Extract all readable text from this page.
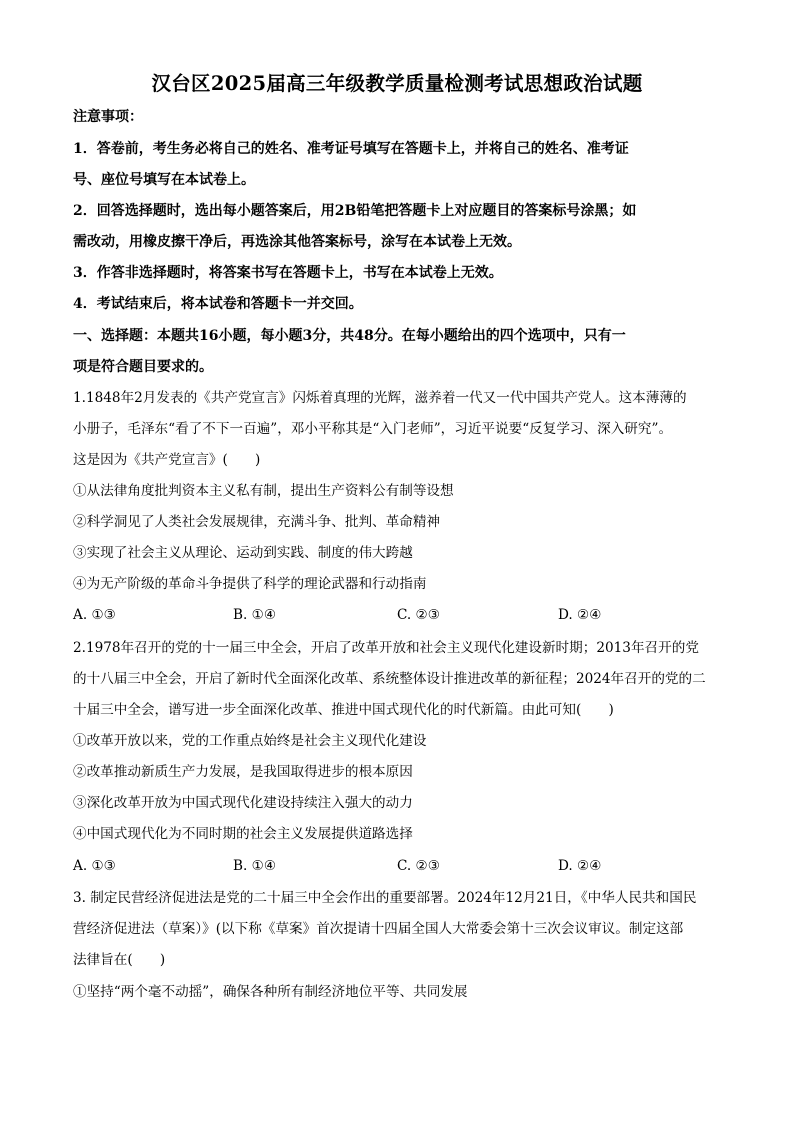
汉台区2025届高三年级教学质量检测考试思想政治试题
注意事项：
1．答卷前，考生务必将自己的姓名、准考证号填写在答题卡上，并将自己的姓名、准考证
号、座位号填写在本试卷上。
2．回答选择题时，选出每小题答案后，用2B铅笔把答题卡上对应题目的答案标号涂黑；如
需改动，用橡皮擦干净后，再选涂其他答案标号，涂写在本试卷上无效。
3．作答非选择题时，将答案书写在答题卡上，书写在本试卷上无效。
4．考试结束后，将本试卷和答题卡一并交回。
一、选择题：本题共16小题，每小题3分，共48分。在每小题给出的四个选项中，只有一
项是符合题目要求的。
1.1848年2月发表的《共产党宣言》闪烁着真理的光辉，滋养着一代又一代中国共产党人。这本薄薄的
小册子，毛泽东“看了不下一百遍”，邓小平称其是“入门老师”，习近平说要“反复学习、深入研究”。
这是因为《共产党宣言》(　　)
①从法律角度批判资本主义私有制，提出生产资料公有制等设想
②科学洞见了人类社会发展规律，充满斗争、批判、革命精神
③实现了社会主义从理论、运动到实践、制度的伟大跨越
④为无产阶级的革命斗争提供了科学的理论武器和行动指南
A. ①③	B. ①④	C. ②③	D. ②④
2.1978年召开的党的十一届三中全会，开启了改革开放和社会主义现代化建设新时期；2013年召开的党
的十八届三中全会，开启了新时代全面深化改革、系统整体设计推进改革的新征程；2024年召开的党的二
十届三中全会，谱写进一步全面深化改革、推进中国式现代化的时代新篇。由此可知(　　)
①改革开放以来，党的工作重点始终是社会主义现代化建设
②改革推动新质生产力发展，是我国取得进步的根本原因
③深化改革开放为中国式现代化建设持续注入强大的动力
④中国式现代化为不同时期的社会主义发展提供道路选择
A. ①③	B. ①④	C. ②③	D. ②④
3. 制定民营经济促进法是党的二十届三中全会作出的重要部署。2024年12月21日，《中华人民共和国民
营经济促进法（草案）》(以下称《草案》首次提请十四届全国人大常委会第十三次会议审议。制定这部
法律旨在(　　)
①坚持“两个毫不动摇”，确保各种所有制经济地位平等、共同发展
